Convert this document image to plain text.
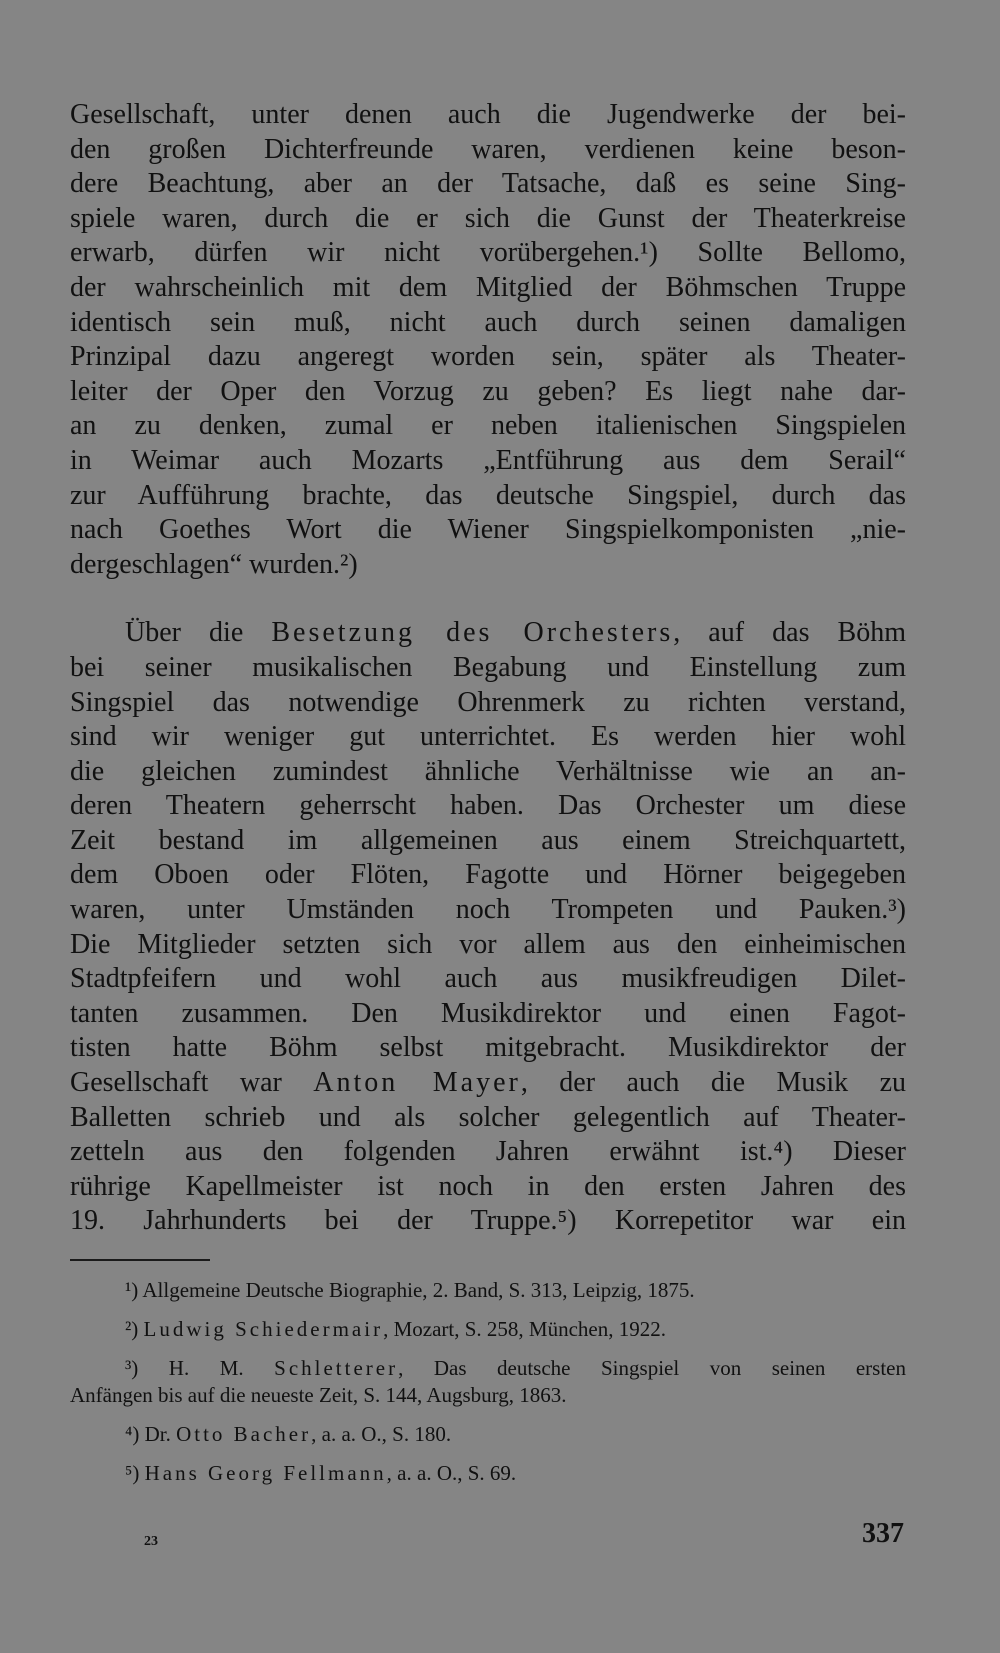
Gesellschaft, unter denen auch die Jugendwerke der bei-
den großen Dichterfreunde waren, verdienen keine beson-
dere Beachtung, aber an der Tatsache, daß es seine Sing-
spiele waren, durch die er sich die Gunst der Theaterkreise
erwarb, dürfen wir nicht vorübergehen.¹) Sollte Bellomo,
der wahrscheinlich mit dem Mitglied der Böhmschen Truppe
identisch sein muß, nicht auch durch seinen damaligen
Prinzipal dazu angeregt worden sein, später als Theater-
leiter der Oper den Vorzug zu geben? Es liegt nahe dar-
an zu denken, zumal er neben italienischen Singspielen
in Weimar auch Mozarts „Entführung aus dem Serail“
zur Aufführung brachte, das deutsche Singspiel, durch das
nach Goethes Wort die Wiener Singspielkomponisten „nie-
dergeschlagen“ wurden.²)
Über die Besetzung des Orchesters, auf das Böhm
bei seiner musikalischen Begabung und Einstellung zum
Singspiel das notwendige Ohrenmerk zu richten verstand,
sind wir weniger gut unterrichtet. Es werden hier wohl
die gleichen zumindest ähnliche Verhältnisse wie an an-
deren Theatern geherrscht haben. Das Orchester um diese
Zeit bestand im allgemeinen aus einem Streichquartett,
dem Oboen oder Flöten, Fagotte und Hörner beigegeben
waren, unter Umständen noch Trompeten und Pauken.³)
Die Mitglieder setzten sich vor allem aus den einheimischen
Stadtpfeifern und wohl auch aus musikfreudigen Dilet-
tanten zusammen. Den Musikdirektor und einen Fagot-
tisten hatte Böhm selbst mitgebracht. Musikdirektor der
Gesellschaft war Anton Mayer, der auch die Musik zu
Balletten schrieb und als solcher gelegentlich auf Theater-
zetteln aus den folgenden Jahren erwähnt ist.⁴) Dieser
rührige Kapellmeister ist noch in den ersten Jahren des
19. Jahrhunderts bei der Truppe.⁵) Korrepetitor war ein
¹) Allgemeine Deutsche Biographie, 2. Band, S. 313, Leipzig, 1875.
²) Ludwig Schiedermair, Mozart, S. 258, München, 1922.
³) H. M. Schletterer, Das deutsche Singspiel von seinen ersten
Anfängen bis auf die neueste Zeit, S. 144, Augsburg, 1863.
⁴) Dr. Otto Bacher, a. a. O., S. 180.
⁵) Hans Georg Fellmann, a. a. O., S. 69.
23	337
